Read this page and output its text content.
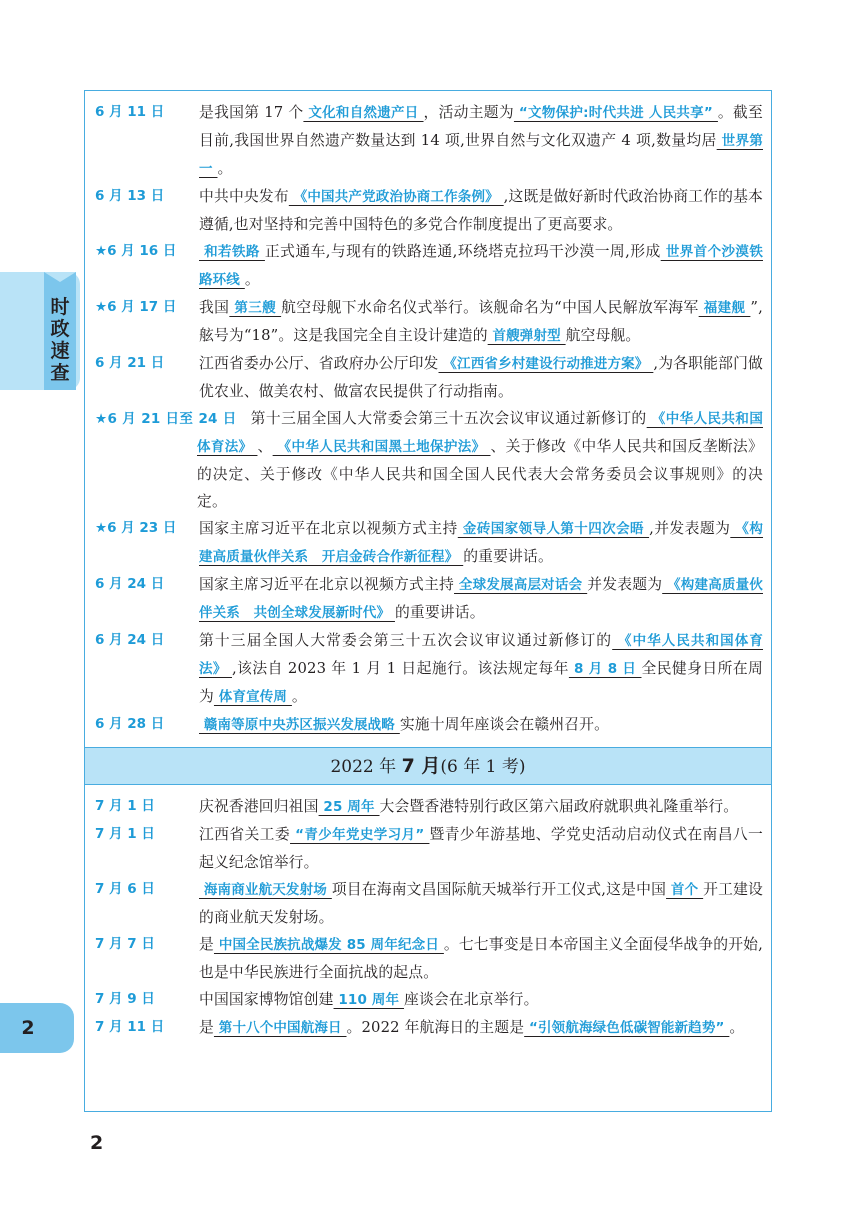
时政速查
2
6 月 11 日	是我国第 17 个 文化和自然遗产日 ，活动主题为 “文物保护:时代共进 人民共享” 。截至目前,我国世界自然遗产数量达到 14 项,世界自然与文化双遗产 4 项,数量均居 世界第一 。
6 月 13 日	中共中央发布 《中国共产党政治协商工作条例》 ,这既是做好新时代政治协商工作的基本遵循,也对坚持和完善中国特色的多党合作制度提出了更高要求。
★6 月 16 日	和若铁路 正式通车,与现有的铁路连通,环绕塔克拉玛干沙漠一周,形成 世界首个沙漠铁路环线 。
★6 月 17 日	我国 第三艘 航空母舰下水命名仪式举行。该舰命名为“中国人民解放军海军 福建舰 ”,舷号为“18”。这是我国完全自主设计建造的 首艘弹射型 航空母舰。
6 月 21 日	江西省委办公厅、省政府办公厅印发 《江西省乡村建设行动推进方案》 ,为各职能部门做优农业、做美农村、做富农民提供了行动指南。
★6 月 21 日至 24 日 第十三届全国人大常委会第三十五次会议审议通过新修订的 《中华人民共和国体育法》 、 《中华人民共和国黑土地保护法》 、关于修改《中华人民共和国反垄断法》的决定、关于修改《中华人民共和国全国人民代表大会常务委员会议事规则》的决定。
★6 月 23 日	国家主席习近平在北京以视频方式主持 金砖国家领导人第十四次会晤 ,并发表题为 《构建高质量伙伴关系　开启金砖合作新征程》 的重要讲话。
6 月 24 日	国家主席习近平在北京以视频方式主持 全球发展高层对话会 并发表题为 《构建高质量伙伴关系　共创全球发展新时代》 的重要讲话。
6 月 24 日	第十三届全国人大常委会第三十五次会议审议通过新修订的 《中华人民共和国体育法》 ,该法自 2023 年 1 月 1 日起施行。该法规定每年 8 月 8 日 全民健身日所在周为 体育宣传周 。
6 月 28 日	赣南等原中央苏区振兴发展战略 实施十周年座谈会在赣州召开。
2022 年 7 月(6 年 1 考)
7 月 1 日	庆祝香港回归祖国 25 周年 大会暨香港特别行政区第六届政府就职典礼隆重举行。
7 月 1 日	江西省关工委 “青少年党史学习月” 暨青少年游基地、学党史活动启动仪式在南昌八一起义纪念馆举行。
7 月 6 日	海南商业航天发射场 项目在海南文昌国际航天城举行开工仪式,这是中国 首个 开工建设的商业航天发射场。
7 月 7 日	是 中国全民族抗战爆发 85 周年纪念日 。七七事变是日本帝国主义全面侵华战争的开始,也是中华民族进行全面抗战的起点。
7 月 9 日	中国国家博物馆创建 110 周年 座谈会在北京举行。
7 月 11 日	是 第十八个中国航海日 。2022 年航海日的主题是 “引领航海绿色低碳智能新趋势” 。
2
